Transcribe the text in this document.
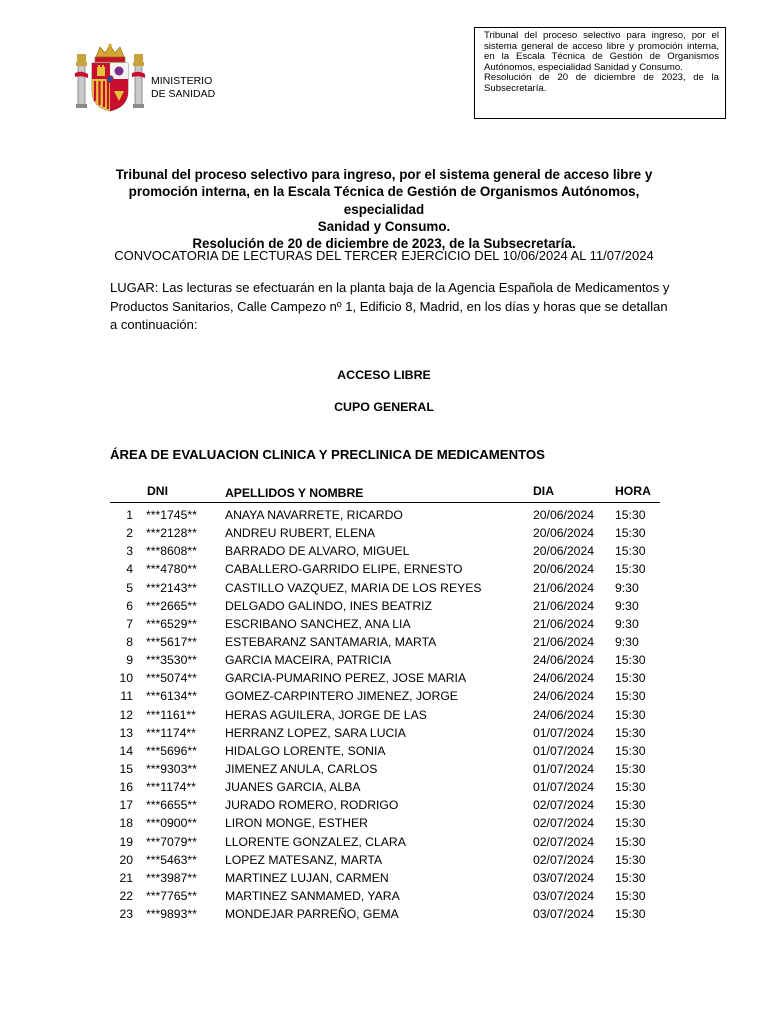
MINISTERIO
DE SANIDAD

Tribunal del proceso selectivo para ingreso, por el sistema general de acceso libre y promoción interna, en la Escala Técnica de Gestión de Organismos Autónomos, especialidad Sanidad y Consumo.

Resolución de 20 de diciembre de 2023, de la Subsecretaría.

Tribunal del proceso selectivo para ingreso, por el sistema general de acceso libre y
promoción interna, en la Escala Técnica de Gestión de Organismos Autónomos, especialidad
Sanidad y Consumo.
Resolución de 20 de diciembre de 2023, de la Subsecretaría.
CONVOCATORIA DE LECTURAS DEL TERCER EJERCICIO DEL 10/06/2024 AL 11/07/2024
LUGAR: Las lecturas se efectuarán en la planta baja de la Agencia Española de Medicamentos y Productos Sanitarios, Calle Campezo nº 1, Edificio 8, Madrid, en los días y horas que se detallan a continuación:
ACCESO LIBRE
CUPO GENERAL
ÁREA DE EVALUACION CLINICA Y PRECLINICA DE MEDICAMENTOS
DNI	APELLIDOS Y NOMBRE	DIA	HORA
1 ***1745** ANAYA NAVARRETE, RICARDO	20/06/2024 15:30
2 ***2128** ANDREU RUBERT, ELENA	20/06/2024 15:30
3 ***8608** BARRADO DE ALVARO, MIGUEL	20/06/2024 15:30
4 ***4780** CABALLERO-GARRIDO ELIPE, ERNESTO	20/06/2024 15:30
5 ***2143** CASTILLO VAZQUEZ, MARIA DE LOS REYES	21/06/2024 9:30
6 ***2665** DELGADO GALINDO, INES BEATRIZ	21/06/2024 9:30
7 ***6529** ESCRIBANO SANCHEZ, ANA LIA	21/06/2024 9:30
8 ***5617** ESTEBARANZ SANTAMARIA, MARTA	21/06/2024 9:30
9 ***3530** GARCIA MACEIRA, PATRICIA	24/06/2024 15:30
10 ***5074** GARCIA-PUMARINO PEREZ, JOSE MARIA	24/06/2024 15:30
11 ***6134** GOMEZ-CARPINTERO JIMENEZ, JORGE	24/06/2024 15:30
12 ***1161** HERAS AGUILERA, JORGE DE LAS	24/06/2024 15:30
13 ***1174** HERRANZ LOPEZ, SARA LUCIA	01/07/2024 15:30
14 ***5696** HIDALGO LORENTE, SONIA	01/07/2024 15:30
15 ***9303** JIMENEZ ANULA, CARLOS	01/07/2024 15:30
16 ***1174** JUANES GARCIA, ALBA	01/07/2024 15:30
17 ***6655** JURADO ROMERO, RODRIGO	02/07/2024 15:30
18 ***0900** LIRON MONGE, ESTHER	02/07/2024 15:30
19 ***7079** LLORENTE GONZALEZ, CLARA	02/07/2024 15:30
20 ***5463** LOPEZ MATESANZ, MARTA	02/07/2024 15:30
21 ***3987** MARTINEZ LUJAN, CARMEN	03/07/2024 15:30
22 ***7765** MARTINEZ SANMAMED, YARA	03/07/2024 15:30
23 ***9893** MONDEJAR PARREÑO, GEMA	03/07/2024 15:30
